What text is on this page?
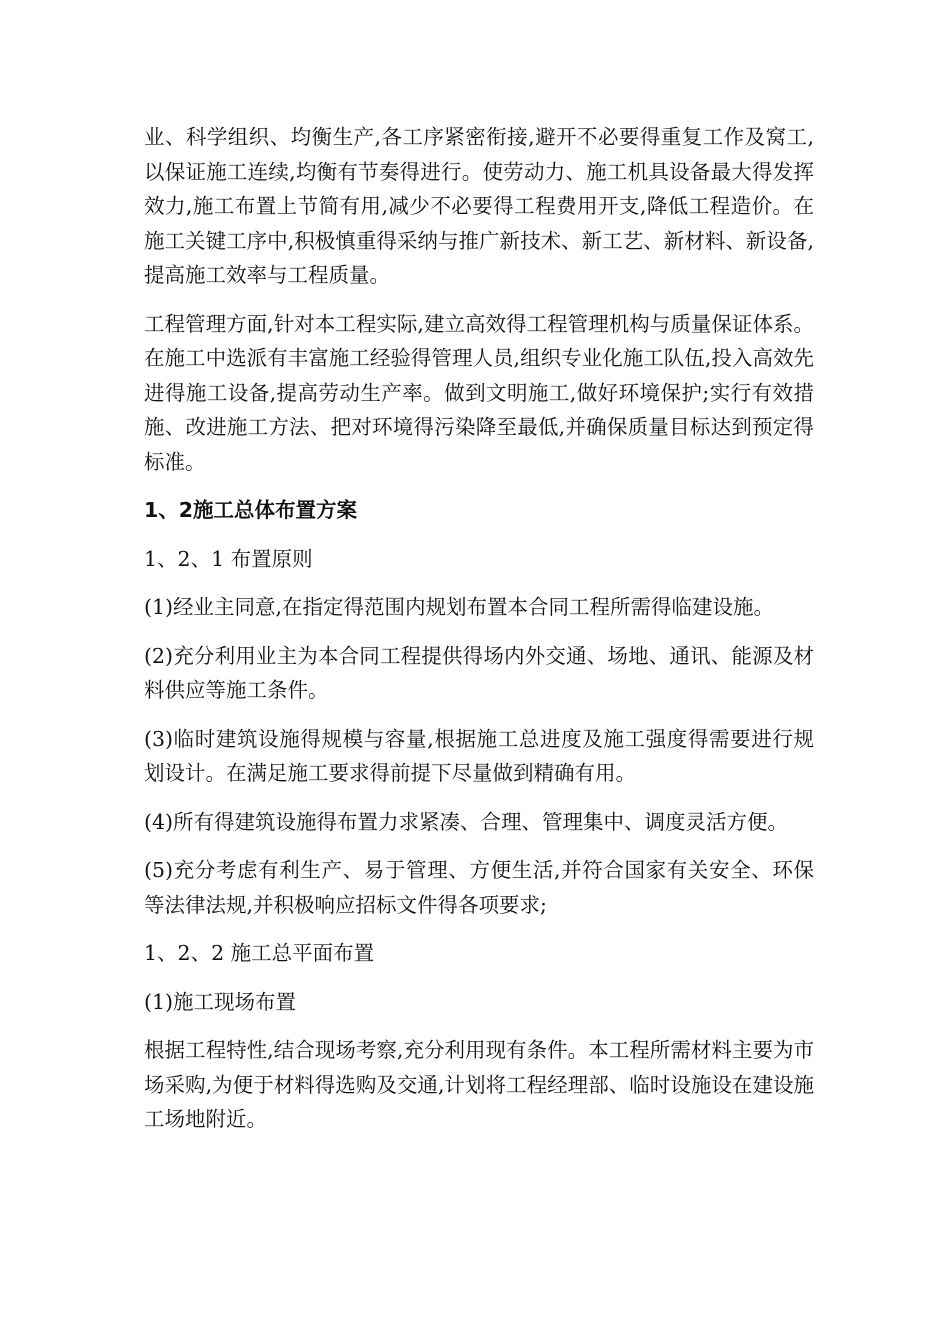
业、科学组织、均衡生产,各工序紧密衔接,避开不必要得重复工作及窝工,以保证施工连续,均衡有节奏得进行。使劳动力、施工机具设备最大得发挥效力,施工布置上节简有用,减少不必要得工程费用开支,降低工程造价。在施工关键工序中,积极慎重得采纳与推广新技术、新工艺、新材料、新设备,提高施工效率与工程质量。

工程管理方面,针对本工程实际,建立高效得工程管理机构与质量保证体系。在施工中选派有丰富施工经验得管理人员,组织专业化施工队伍,投入高效先进得施工设备,提高劳动生产率。做到文明施工,做好环境保护;实行有效措施、改进施工方法、把对环境得污染降至最低,并确保质量目标达到预定得标准。

1、2施工总体布置方案

1、2、1 布置原则

(1)经业主同意,在指定得范围内规划布置本合同工程所需得临建设施。

(2)充分利用业主为本合同工程提供得场内外交通、场地、通讯、能源及材料供应等施工条件。

(3)临时建筑设施得规模与容量,根据施工总进度及施工强度得需要进行规划设计。在满足施工要求得前提下尽量做到精确有用。

(4)所有得建筑设施得布置力求紧凑、合理、管理集中、调度灵活方便。

(5)充分考虑有利生产、易于管理、方便生活,并符合国家有关安全、环保等法律法规,并积极响应招标文件得各项要求;

1、2、2 施工总平面布置

(1)施工现场布置

根据工程特性,结合现场考察,充分利用现有条件。本工程所需材料主要为市场采购,为便于材料得选购及交通,计划将工程经理部、临时设施设在建设施工场地附近。
